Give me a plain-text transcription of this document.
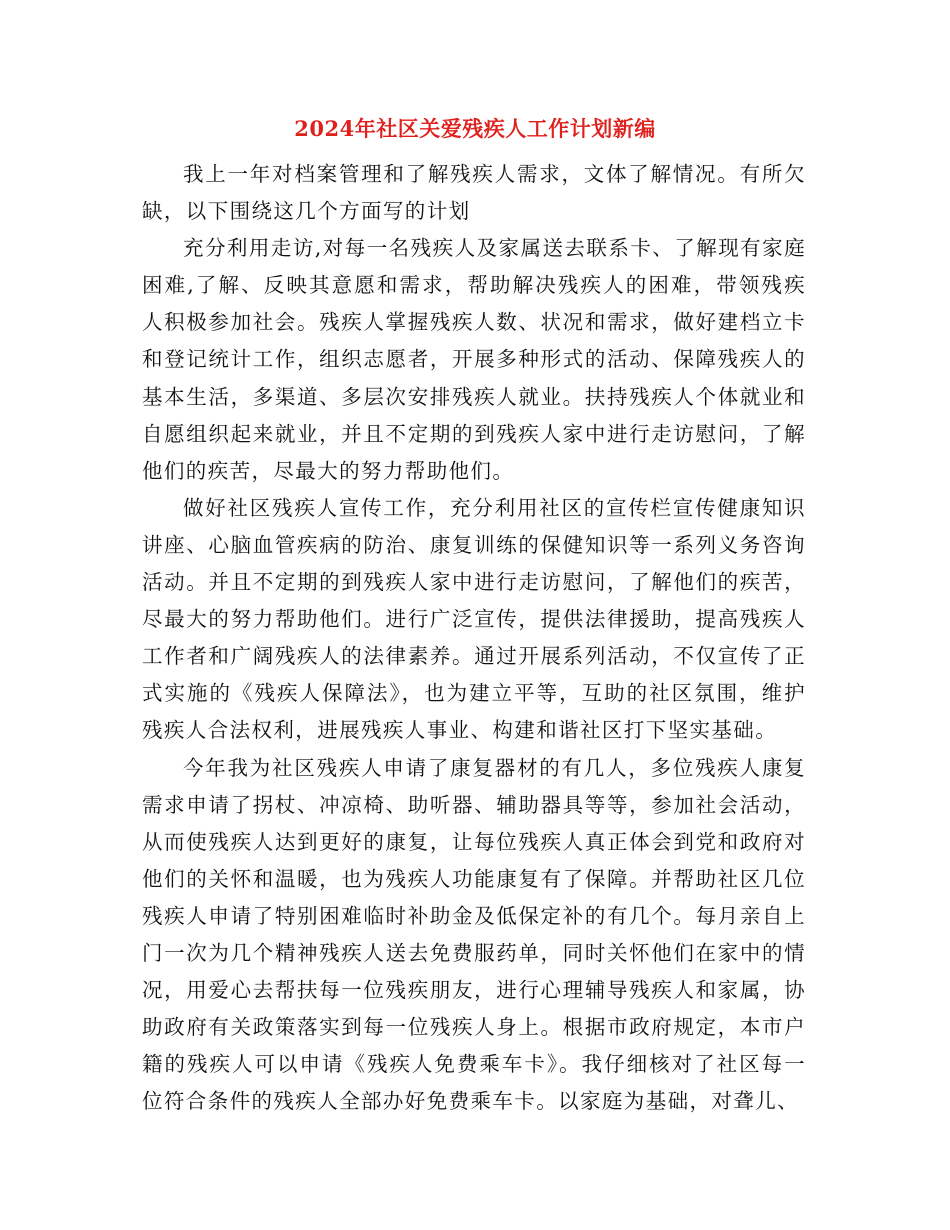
2024年社区关爱残疾人工作计划新编

我上一年对档案管理和了解残疾人需求，文体了解情况。有所欠缺，以下围绕这几个方面写的计划

充分利用走访,对每一名残疾人及家属送去联系卡、了解现有家庭困难,了解、反映其意愿和需求，帮助解决残疾人的困难，带领残疾人积极参加社会。残疾人掌握残疾人数、状况和需求，做好建档立卡和登记统计工作，组织志愿者，开展多种形式的活动、保障残疾人的基本生活，多渠道、多层次安排残疾人就业。扶持残疾人个体就业和自愿组织起来就业，并且不定期的到残疾人家中进行走访慰问，了解他们的疾苦，尽最大的努力帮助他们。

做好社区残疾人宣传工作，充分利用社区的宣传栏宣传健康知识讲座、心脑血管疾病的防治、康复训练的保健知识等一系列义务咨询活动。并且不定期的到残疾人家中进行走访慰问，了解他们的疾苦，尽最大的努力帮助他们。进行广泛宣传，提供法律援助，提高残疾人工作者和广阔残疾人的法律素养。通过开展系列活动，不仅宣传了正式实施的《残疾人保障法》，也为建立平等，互助的社区氛围，维护残疾人合法权利，进展残疾人事业、构建和谐社区打下坚实基础。

今年我为社区残疾人申请了康复器材的有几人，多位残疾人康复需求申请了拐杖、冲凉椅、助听器、辅助器具等等，参加社会活动，从而使残疾人达到更好的康复，让每位残疾人真正体会到党和政府对他们的关怀和温暖，也为残疾人功能康复有了保障。并帮助社区几位残疾人申请了特别困难临时补助金及低保定补的有几个。每月亲自上门一次为几个精神残疾人送去免费服药单，同时关怀他们在家中的情况，用爱心去帮扶每一位残疾朋友，进行心理辅导残疾人和家属，协助政府有关政策落实到每一位残疾人身上。根据市政府规定，本市户籍的残疾人可以申请《残疾人免费乘车卡》。我仔细核对了社区每一位符合条件的残疾人全部办好免费乘车卡。以家庭为基础，对聋儿、
